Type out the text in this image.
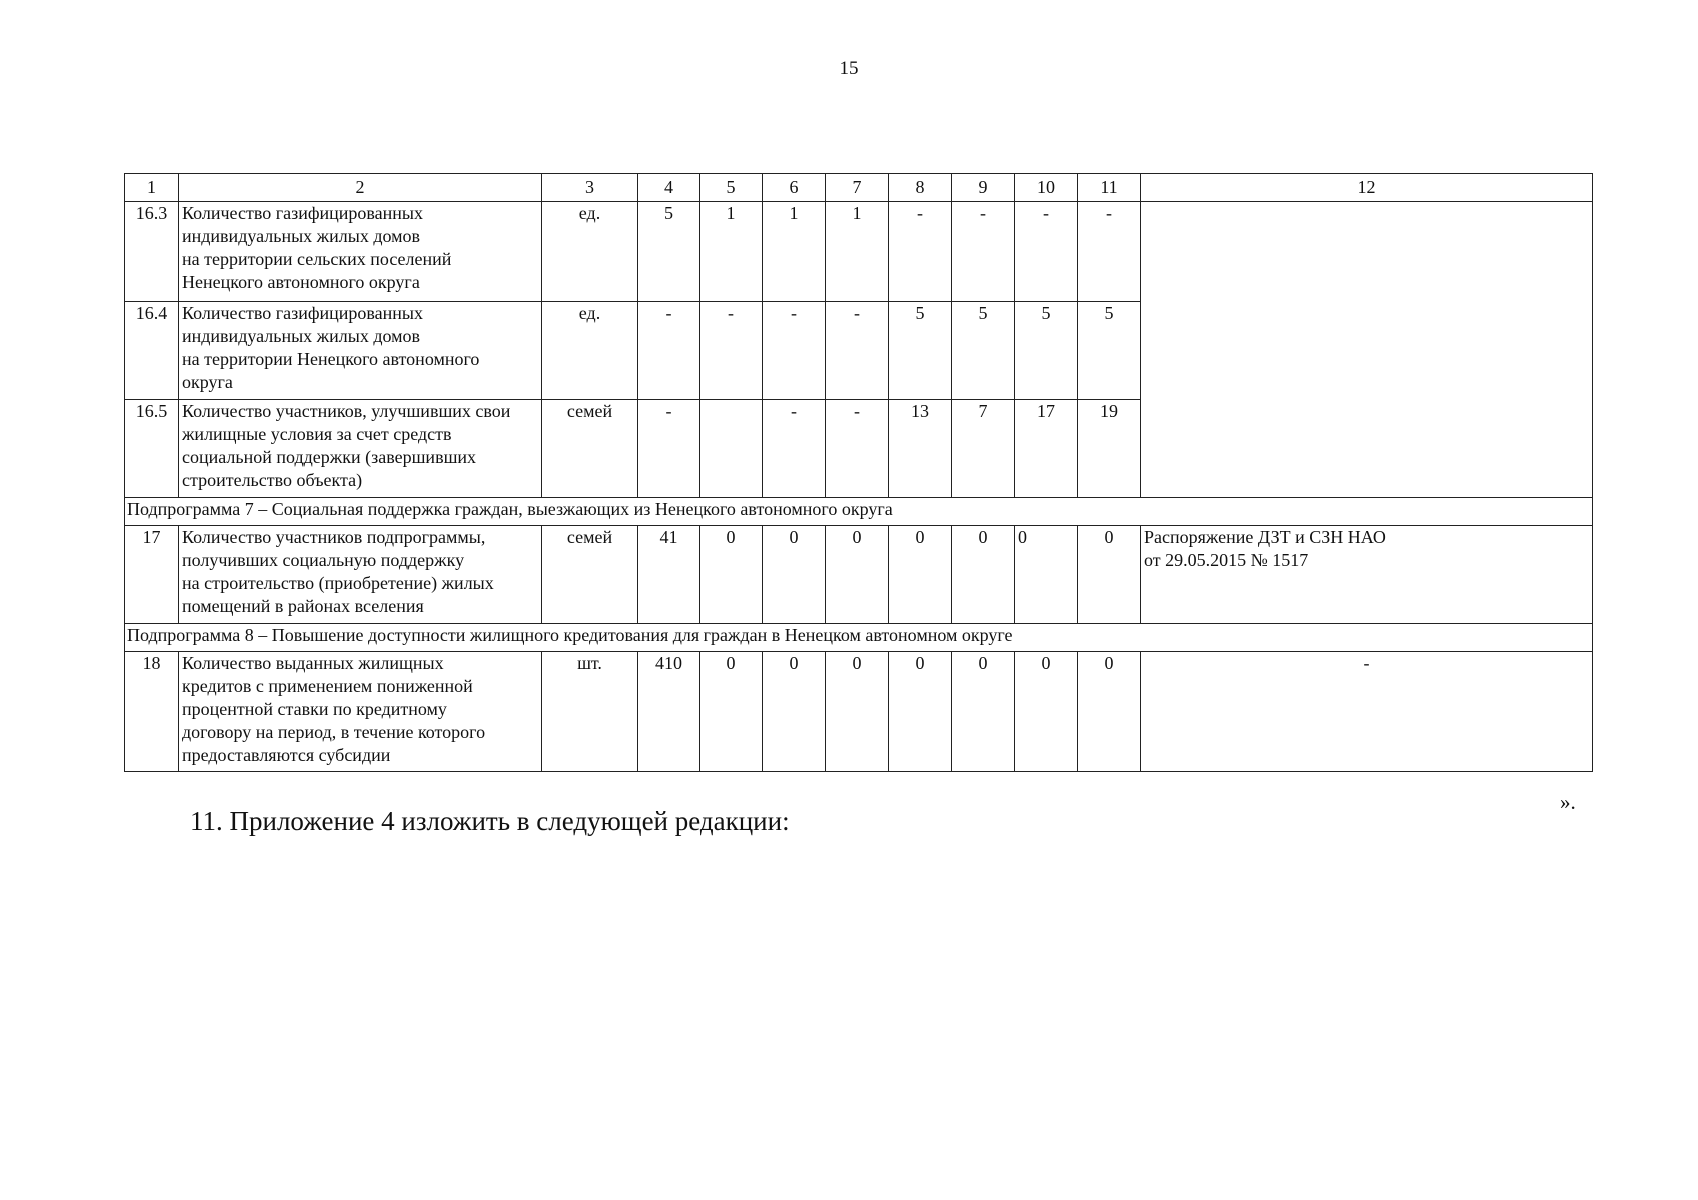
15
1	2	3	4	5	6	7	8	9	10	11	12
16.3	Количество газифицированных
индивидуальных жилых домов
на территории сельских поселений
Ненецкого автономного округа	ед.	5	1	1	1	-	-	-	-	
16.4	Количество газифицированных
индивидуальных жилых домов
на территории Ненецкого автономного
округа	ед.	-	-	-	-	5	5	5	5	
16.5	Количество участников, улучшивших свои
жилищные условия за счет средств
социальной поддержки (завершивших
строительство объекта)	семей	-		-	-	13	7	17	19	
Подпрограмма 7 – Социальная поддержка граждан, выезжающих из Ненецкого автономного округа											
17	Количество участников подпрограммы,
получивших социальную поддержку
на строительство (приобретение) жилых
помещений в районах вселения	семей	41	0	0	0	0	0	0	0	Распоряжение ДЗТ и СЗН НАО
от 29.05.2015 № 1517
Подпрограмма 8 – Повышение доступности жилищного кредитования для граждан в Ненецком автономном округе											
18	Количество выданных жилищных
кредитов с применением пониженной
процентной ставки по кредитному
договору на период, в течение которого
предоставляются субсидии	шт.	410	0	0	0	0	0	0	0	-
».
11. Приложение 4 изложить в следующей редакции:
